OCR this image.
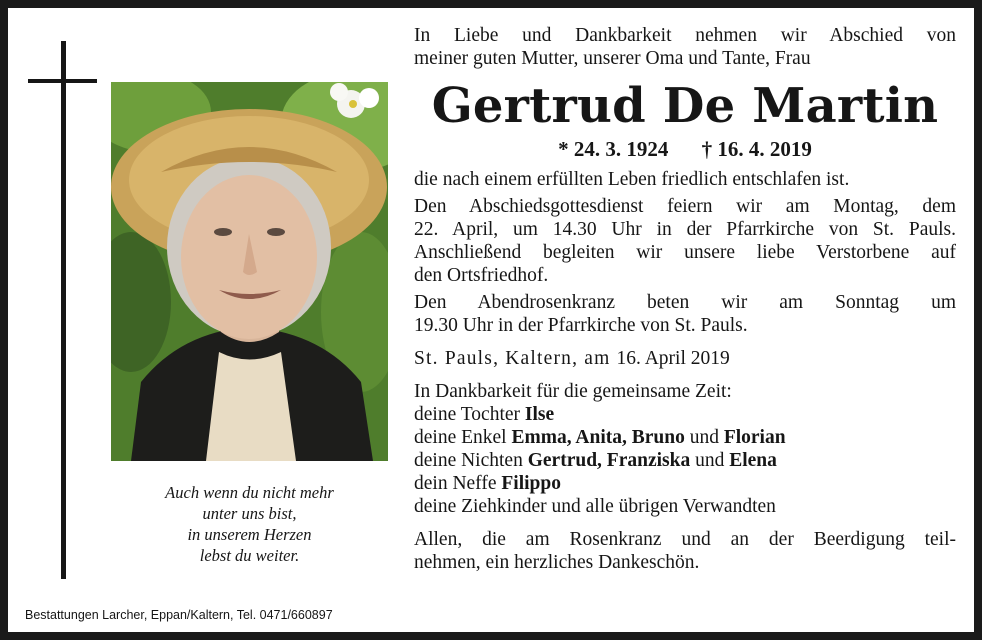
Auch wenn du nicht mehr
unter uns bist,
in unserem Herzen
lebst du weiter.
Bestattungen Larcher, Eppan/Kaltern, Tel. 0471/660897
In Liebe und Dankbarkeit nehmen wir Abschied von
meiner guten Mutter, unserer Oma und Tante, Frau
Gertrud De Martin
* 24. 3. 1924 † 16. 4. 2019
die nach einem erfüllten Leben friedlich entschlafen ist.
Den Abschiedsgottesdienst feiern wir am Montag, dem
22. April, um 14.30 Uhr in der Pfarrkirche von St. Pauls.
Anschließend begleiten wir unsere liebe Verstorbene auf
den Ortsfriedhof.
Den Abendrosenkranz beten wir am Sonntag um
19.30 Uhr in der Pfarrkirche von St. Pauls.
St. Pauls, Kaltern, am 16. April 2019
In Dankbarkeit für die gemeinsame Zeit:
deine Tochter Ilse
deine Enkel Emma, Anita, Bruno und Florian
deine Nichten Gertrud, Franziska und Elena
dein Neffe Filippo
deine Ziehkinder und alle übrigen Verwandten
Allen, die am Rosenkranz und an der Beerdigung teil-
nehmen, ein herzliches Dankeschön.
